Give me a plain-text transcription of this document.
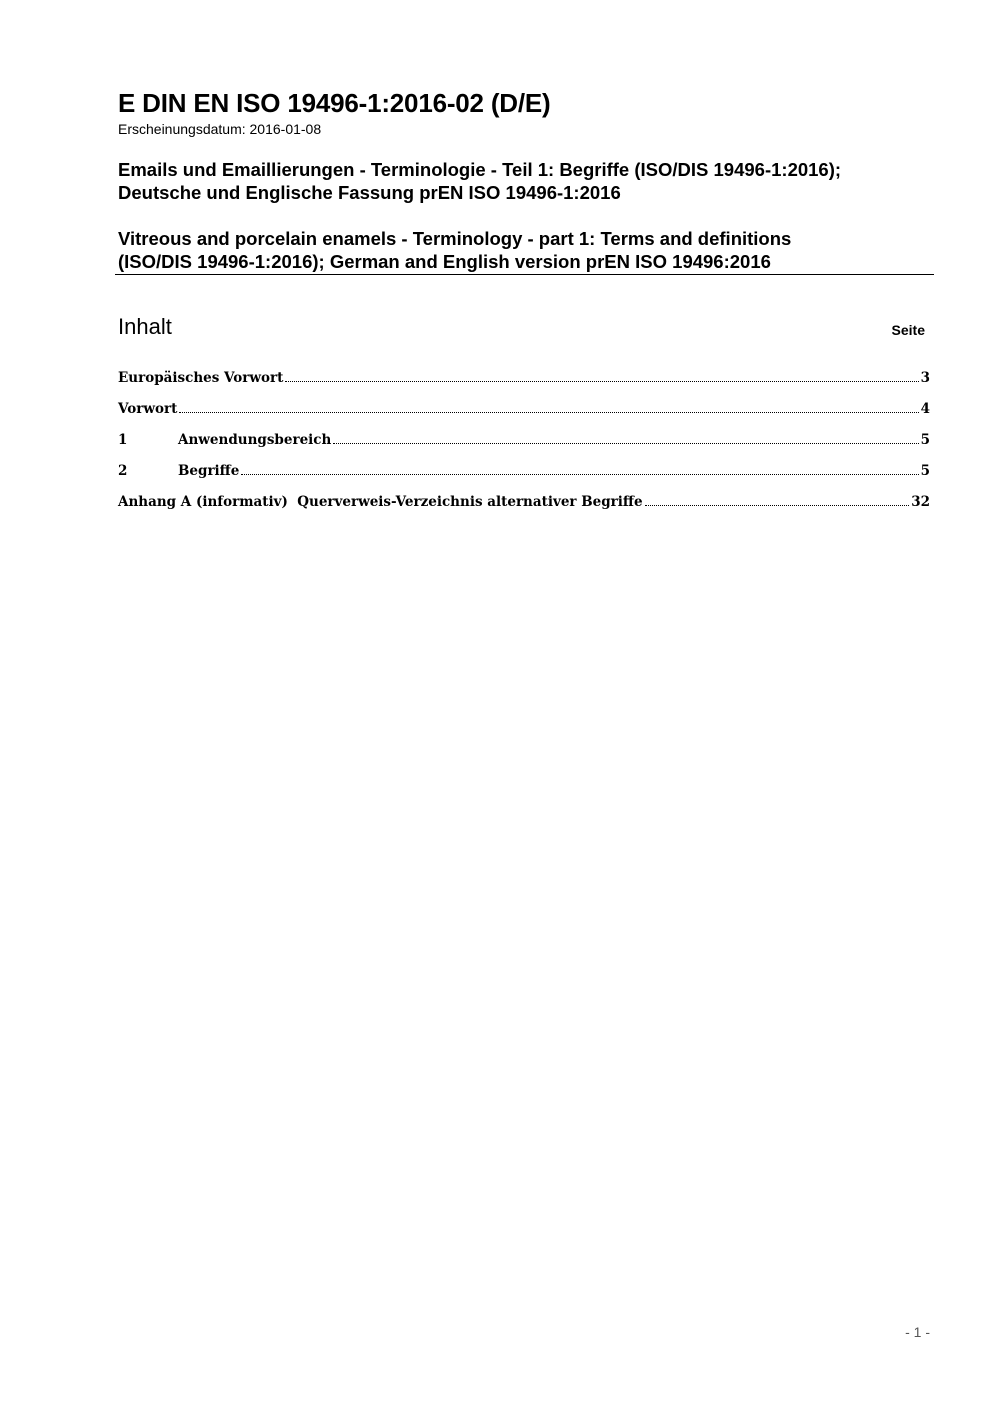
E DIN EN ISO 19496-1:2016-02 (D/E)
Erscheinungsdatum: 2016-01-08
Emails und Emaillierungen - Terminologie - Teil 1: Begriffe (ISO/DIS 19496-1:2016);
Deutsche und Englische Fassung prEN ISO 19496-1:2016
Vitreous and porcelain enamels - Terminology - part 1: Terms and definitions
(ISO/DIS 19496-1:2016); German and English version prEN ISO 19496:2016
Inhalt	Seite
Europäisches Vorwort	3
Vorwort	4
1	Anwendungsbereich	5
2	Begriffe	5
Anhang A (informativ)  Querverweis-Verzeichnis alternativer Begriffe	32
- 1 -
